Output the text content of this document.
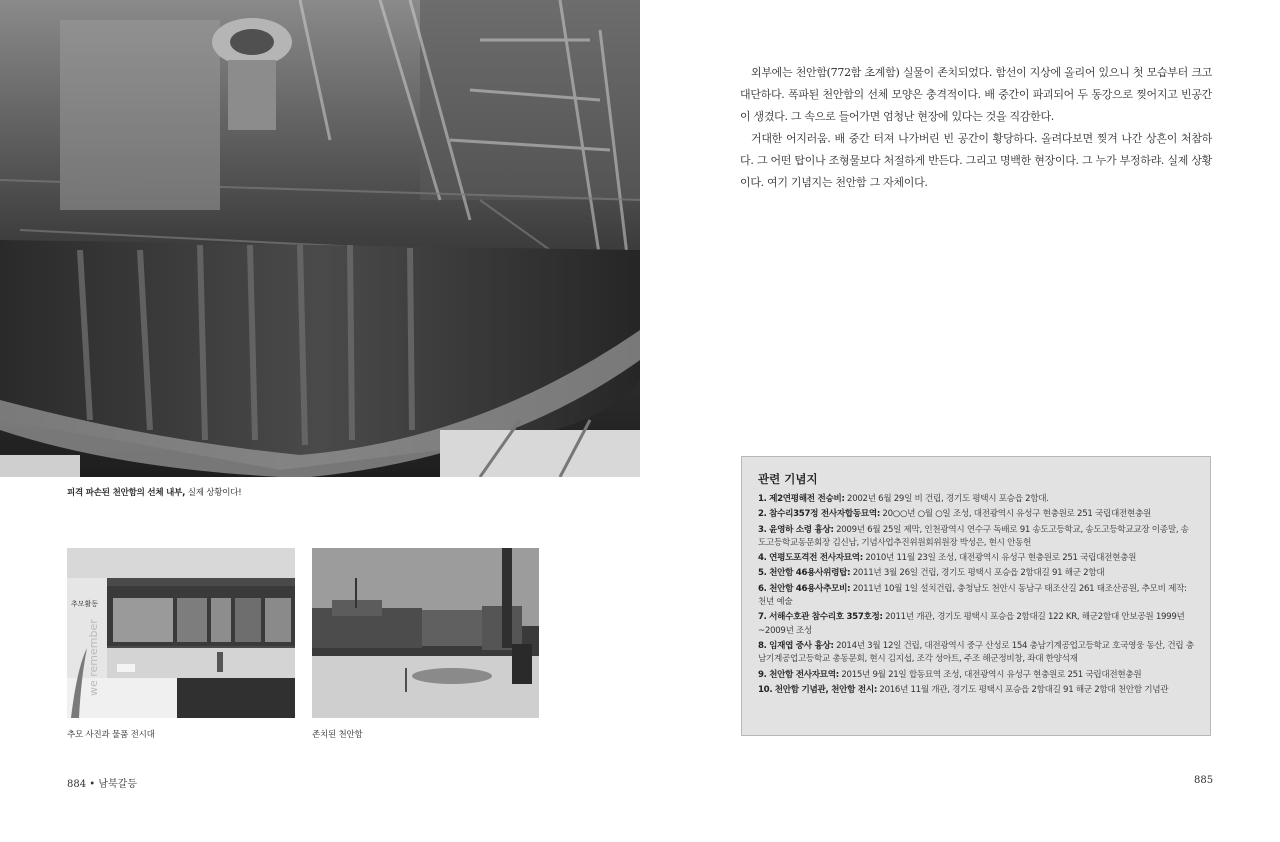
피격 파손된 천안함의 선체 내부, 실제 상황이다!
추모활동
we remember
추모 사진과 물품 전시대	존치된 천안함
884 • 남북갈등

외부에는 천안함(772함 초계함) 실물이 존치되었다. 함선이 지상에 올리어 있으니 첫 모습부터 크고 대단하다. 폭파된 천안함의 선체 모양은 충격적이다. 배 중간이 파괴되어 두 동강으로 찢어지고 빈공간이 생겼다. 그 속으로 들어가면 엄청난 현장에 있다는 것을 직감한다.

거대한 어지러움. 배 중간 터져 나가버린 빈 공간이 황당하다. 올려다보면 찢겨 나간 상흔이 처참하다. 그 어떤 탑이나 조형물보다 처절하게 반든다. 그리고 명백한 현장이다. 그 누가 부정하랴. 실제 상황이다. 여기 기념지는 천안함 그 자체이다.

관련 기념지
1. 제2연평해전 전승비: 2002년 6월 29일 비 건립, 경기도 평택시 포승읍 2함대.
2. 참수리357정 전사자합동묘역: 20○○년 ○월 ○일 조성, 대전광역시 유성구 현충원로 251 국립대전현충원
3. 윤영하 소령 흉상: 2009년 6월 25일 제막, 인천광역시 연수구 독배로 91 송도고등학교, 송도고등학교교장 이종말, 송도고등학교동문회장 김신남, 기념사업추진위원회위원장 박성은, 현시 안동헌
4. 연평도포격전 전사자묘역: 2010년 11월 23일 조성, 대전광역시 유성구 현충원로 251 국립대전현충원
5. 천안함 46용사위령탑: 2011년 3월 26일 건립, 경기도 평택시 포승읍 2함대길 91 해군 2함대
6. 천안함 46용사추모비: 2011년 10월 1일 설치건립, 충청남도 천안시 동남구 태조산길 261 태조산공원, 추모비 제작: 천년 예술
7. 서해수호관 참수리호 357호정: 2011년 개관, 경기도 평택시 포승읍 2함대길 122 KR, 해군2함대 안보공원 1999년~2009년 조성
8. 임재엽 중사 흉상: 2014년 3월 12일 건립, 대전광역시 중구 산성로 154 충남기계공업고등학교 호국영웅 동산, 건립 충남기계공업고등학교 총동문회, 현시 김지섭, 조각 성아트, 주조 해군정비창, 좌대 한양석재
9. 천안함 전사자묘역: 2015년 9월 21일 합동묘역 조성, 대전광역시 유성구 현충원로 251 국립대전현충원
10. 천안함 기념관, 천안함 전시: 2016년 11월 개관, 경기도 평택시 포승읍 2함대길 91 해군 2함대 천안함 기념관
885
